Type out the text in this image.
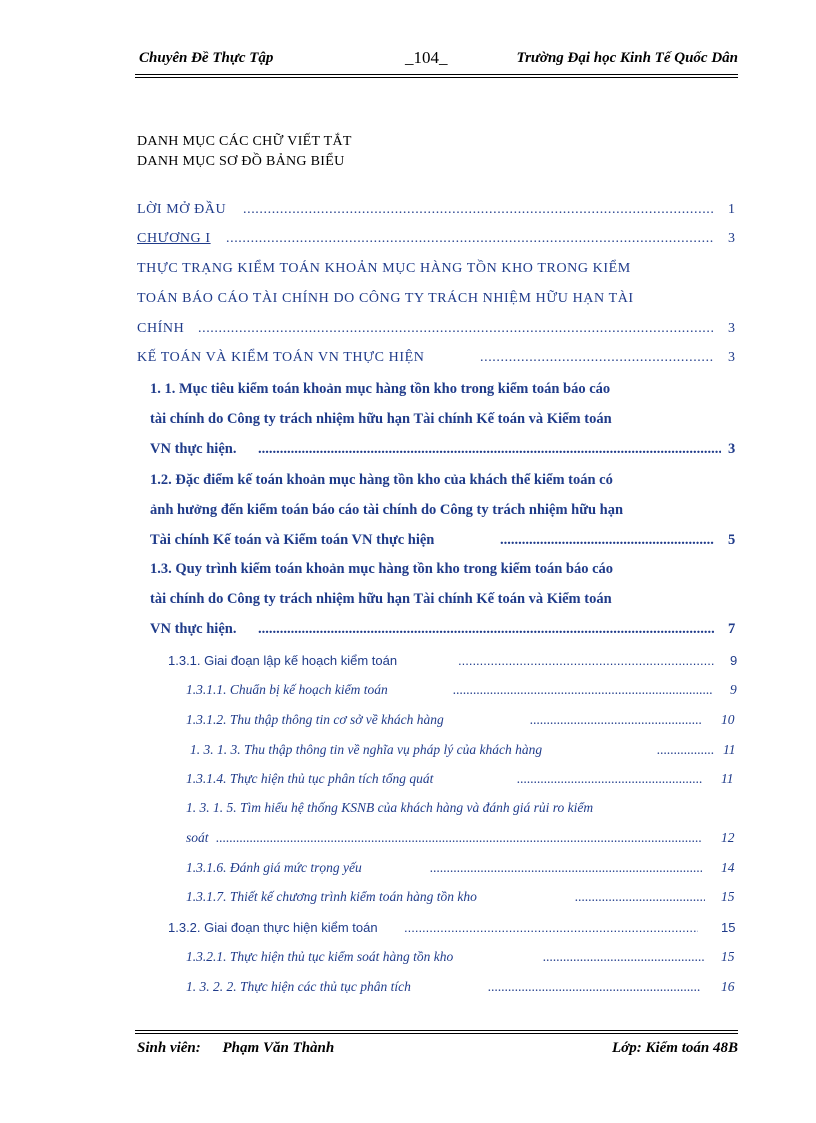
Chuyên Đề Thực Tập	_104_	Trường Đại học Kinh Tế Quốc Dân
DANH MỤC CÁC CHỮ VIẾT TẮT
DANH MỤC SƠ ĐỒ BẢNG BIỂU
LỜI MỞ ĐẦU .....	1
CHƯƠNG I .....	3
THỰC TRẠNG KIỂM TOÁN KHOẢN MỤC HÀNG TỒN KHO TRONG KIỂM
TOÁN BÁO CÁO TÀI CHÍNH DO CÔNG TY TRÁCH NHIỆM HỮU HẠN TÀI
CHÍNH .....	3
KẾ TOÁN VÀ KIỂM TOÁN VN THỰC HIỆN .....	3
1. 1. Mục tiêu kiểm toán khoản mục hàng tồn kho trong kiểm toán báo cáo
tài chính do Công ty trách nhiệm hữu hạn Tài chính Kế toán và Kiểm toán
VN thực hiện. .....	3
1.2. Đặc điểm kế toán khoản mục hàng tồn kho của khách thể kiểm toán có
ảnh hưởng đến kiểm toán báo cáo tài chính do Công ty trách nhiệm hữu hạn
Tài chính Kế toán và Kiểm toán VN thực hiện .....	5
1.3. Quy trình kiểm toán khoản mục hàng tồn kho trong kiểm toán báo cáo
tài chính do Công ty trách nhiệm hữu hạn Tài chính Kế toán và Kiểm toán
VN thực hiện. .....	7
1.3.1. Giai đoạn lập kế hoạch kiểm toán .....	9
1.3.1.1. Chuẩn bị kế hoạch kiểm toán .....	9
1.3.1.2. Thu thập thông tin cơ sở về khách hàng .....	10
1. 3. 1. 3. Thu thập thông tin về nghĩa vụ pháp lý của khách hàng .....	11
1.3.1.4. Thực hiện thủ tục phân tích tổng quát .....	11
1. 3. 1. 5. Tìm hiểu hệ thống KSNB của khách hàng và đánh giá rủi ro kiểm
soát .....	12
1.3.1.6. Đánh giá mức trọng yếu .....	14
1.3.1.7. Thiết kế chương trình kiểm toán hàng tồn kho .....	15
1.3.2. Giai đoạn thực hiện kiểm toán .....	15
1.3.2.1. Thực hiện thủ tục kiểm soát hàng tồn kho .....	15
1. 3. 2. 2. Thực hiện các thủ tục phân tích .....	16
Sinh viên: Phạm Văn Thành	Lớp: Kiểm toán 48B
